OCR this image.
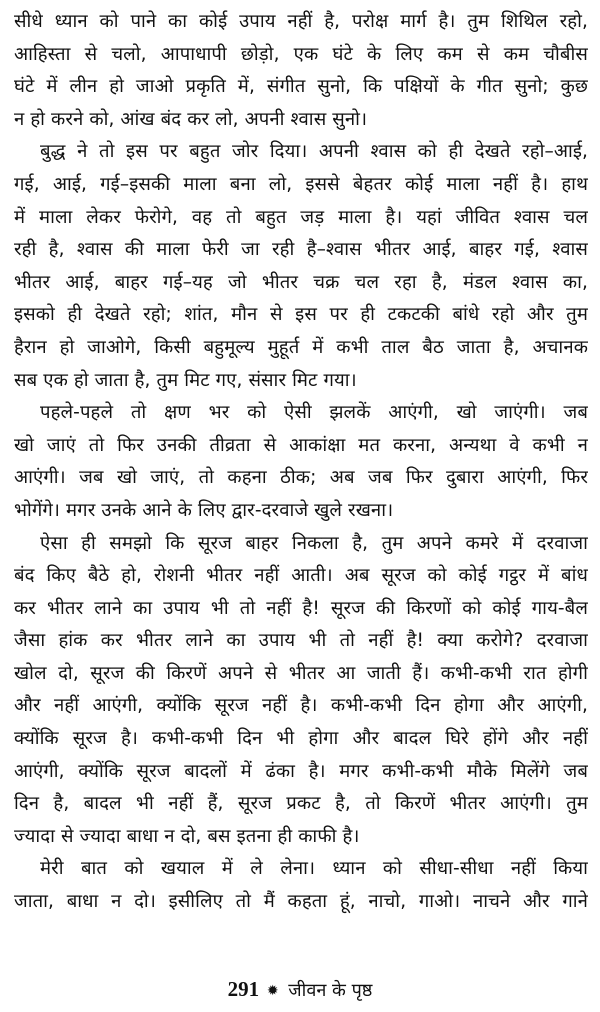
सीधे ध्यान को पाने का कोई उपाय नहीं है, परोक्ष मार्ग है। तुम शिथिल रहो,
आहिस्ता से चलो, आपाधापी छोड़ो, एक घंटे के लिए कम से कम चौबीस
घंटे में लीन हो जाओ प्रकृति में, संगीत सुनो, कि पक्षियों के गीत सुनो; कुछ
न हो करने को, आंख बंद कर लो, अपनी श्वास सुनो।
बुद्ध ने तो इस पर बहुत जोर दिया। अपनी श्वास को ही देखते रहो–आई,
गई, आई, गई–इसकी माला बना लो, इससे बेहतर कोई माला नहीं है। हाथ
में माला लेकर फेरोगे, वह तो बहुत जड़ माला है। यहां जीवित श्वास चल
रही है, श्वास की माला फेरी जा रही है–श्वास भीतर आई, बाहर गई, श्वास
भीतर आई, बाहर गई–यह जो भीतर चक्र चल रहा है, मंडल श्वास का,
इसको ही देखते रहो; शांत, मौन से इस पर ही टकटकी बांधे रहो और तुम
हैरान हो जाओगे, किसी बहुमूल्य मुहूर्त में कभी ताल बैठ जाता है, अचानक
सब एक हो जाता है, तुम मिट गए, संसार मिट गया।
पहले-पहले तो क्षण भर को ऐसी झलकें आएंगी, खो जाएंगी। जब
खो जाएं तो फिर उनकी तीव्रता से आकांक्षा मत करना, अन्यथा वे कभी न
आएंगी। जब खो जाएं, तो कहना ठीक; अब जब फिर दुबारा आएंगी, फिर
भोगेंगे। मगर उनके आने के लिए द्वार-दरवाजे खुले रखना।
ऐसा ही समझो कि सूरज बाहर निकला है, तुम अपने कमरे में दरवाजा
बंद किए बैठे हो, रोशनी भीतर नहीं आती। अब सूरज को कोई गट्ठर में बांध
कर भीतर लाने का उपाय भी तो नहीं है! सूरज की किरणों को कोई गाय-बैल
जैसा हांक कर भीतर लाने का उपाय भी तो नहीं है! क्या करोगे? दरवाजा
खोल दो, सूरज की किरणें अपने से भीतर आ जाती हैं। कभी-कभी रात होगी
और नहीं आएंगी, क्योंकि सूरज नहीं है। कभी-कभी दिन होगा और आएंगी,
क्योंकि सूरज है। कभी-कभी दिन भी होगा और बादल घिरे होंगे और नहीं
आएंगी, क्योंकि सूरज बादलों में ढंका है। मगर कभी-कभी मौके मिलेंगे जब
दिन है, बादल भी नहीं हैं, सूरज प्रकट है, तो किरणें भीतर आएंगी। तुम
ज्यादा से ज्यादा बाधा न दो, बस इतना ही काफी है।
मेरी बात को खयाल में ले लेना। ध्यान को सीधा-सीधा नहीं किया
जाता, बाधा न दो। इसीलिए तो मैं कहता हूं, नाचो, गाओ। नाचने और गाने
291 ✹ जीवन के पृष्ठ
